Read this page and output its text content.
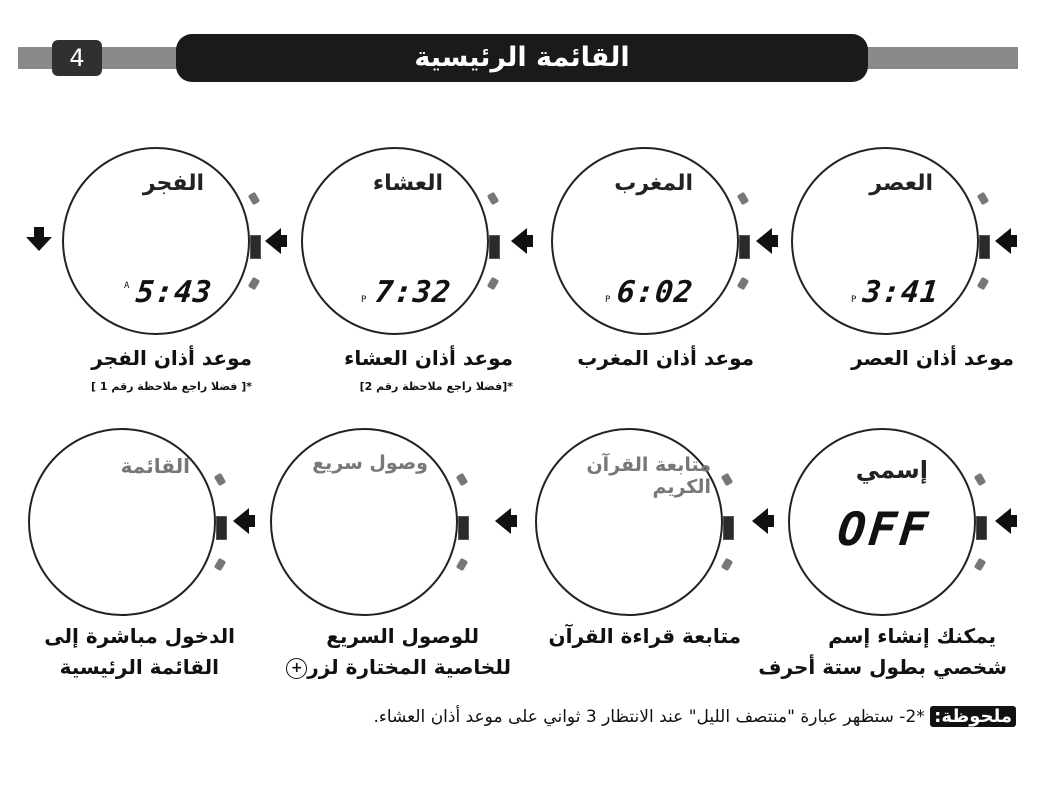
4	القائمة الرئيسية
العصر
P 3:41
المغرب
P 6:02
العشاء
P 7:32
الفجر
A 5:43
موعد أذان العصر
موعد أذان المغرب
موعد أذان العشاء
*[فضلا راجع ملاحظة رقم 2]
موعد أذان الفجر
*[ فضلا راجع ملاحظة رقم 1 ]
إسمي
OFF
متابعة القرآن الكريم
وصول سريع
القائمة
يمكنك إنشاء إسم
شخصي بطول ستة أحرف
متابعة قراءة القرآن
للوصول السريع
للخاصية المختارة لزر+
الدخول مباشرة إلى
القائمة الرئيسية
ملحوظة: *2- ستظهر عبارة "منتصف الليل" عند الانتظار 3 ثواني على موعد أذان العشاء.
